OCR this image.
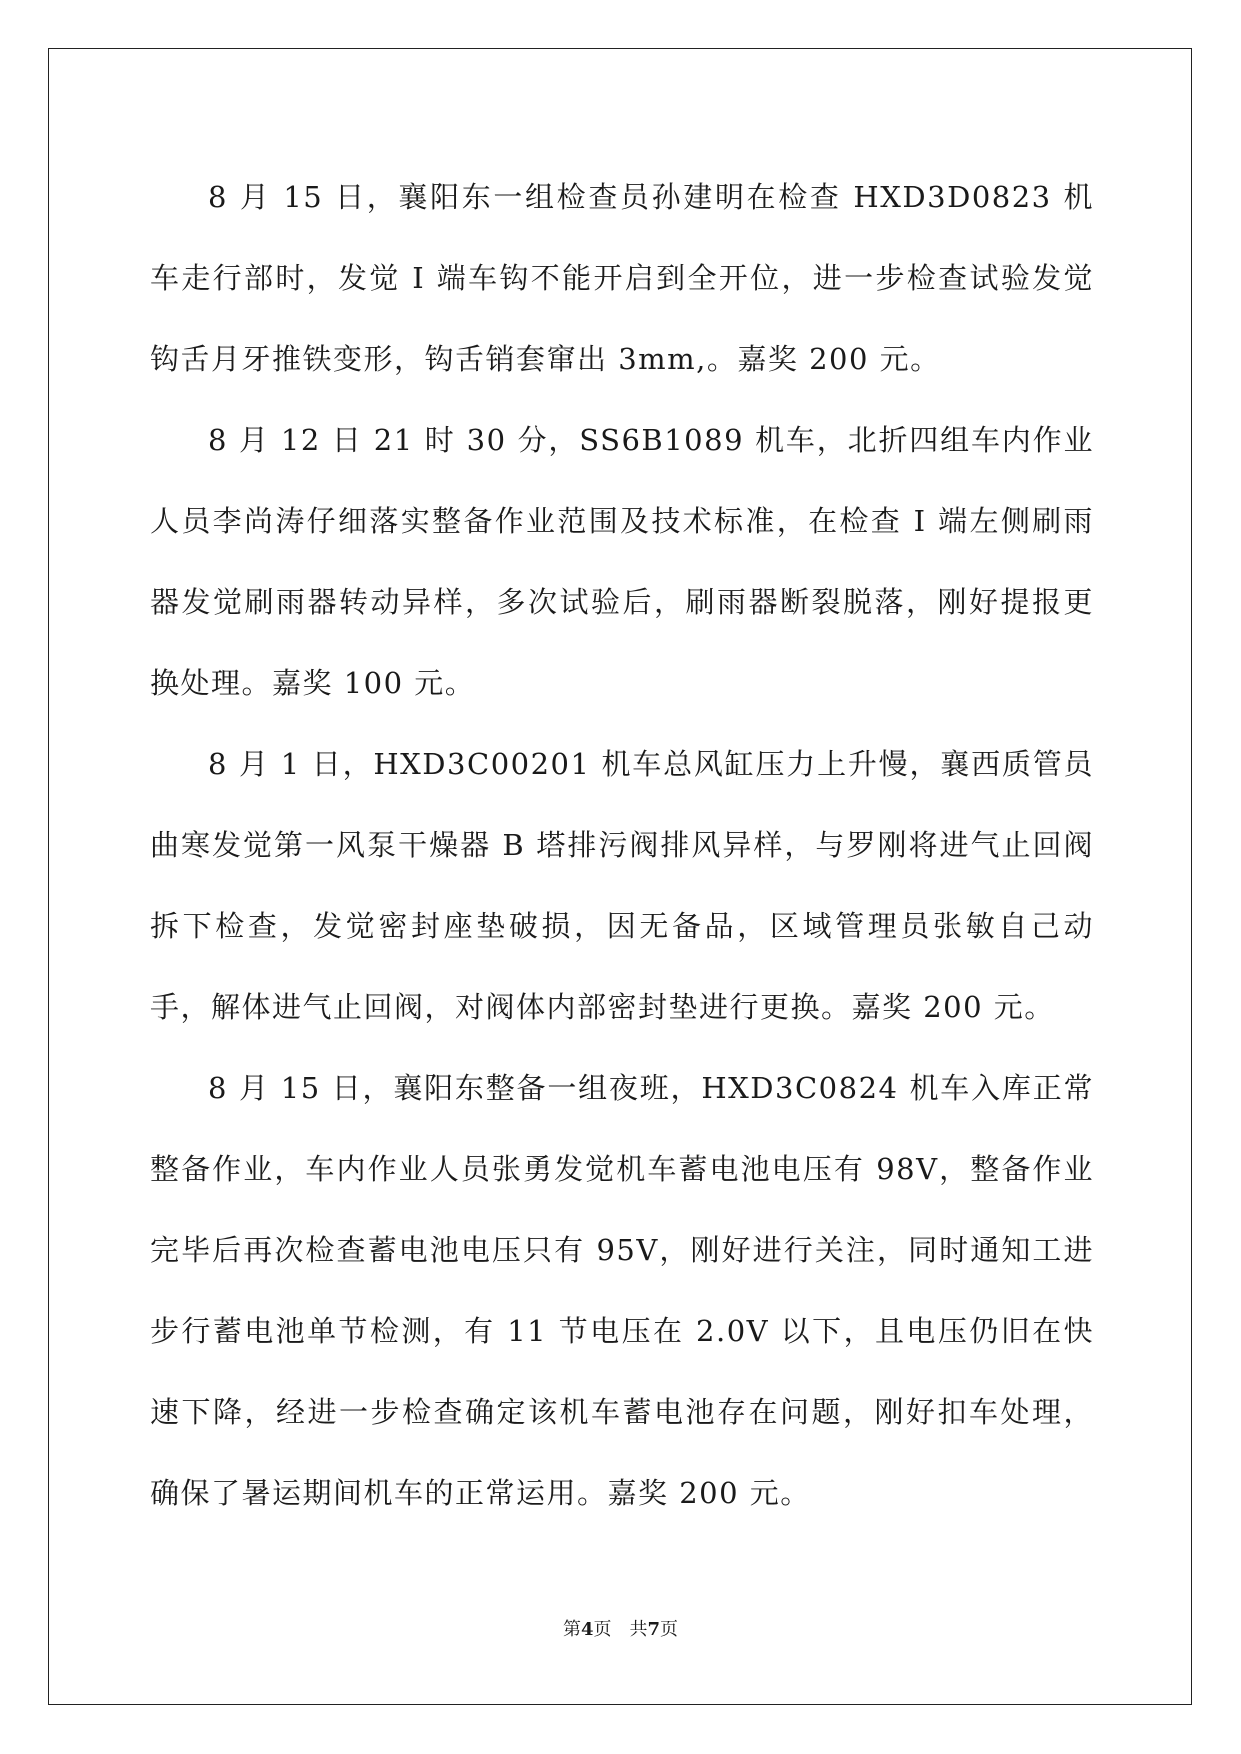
8 月 15 日，襄阳东一组检查员孙建明在检查 HXD3D0823 机车走行部时，发觉 I 端车钩不能开启到全开位，进一步检查试验发觉钩舌月牙推铁变形，钩舌销套窜出 3mm,。嘉奖 200 元。

8 月 12 日 21 时 30 分，SS6B1089 机车，北折四组车内作业人员李尚涛仔细落实整备作业范围及技术标准，在检查 I 端左侧刷雨器发觉刷雨器转动异样，多次试验后，刷雨器断裂脱落，刚好提报更换处理。嘉奖 100 元。

8 月 1 日，HXD3C00201 机车总风缸压力上升慢，襄西质管员曲寒发觉第一风泵干燥器 B 塔排污阀排风异样，与罗刚将进气止回阀拆下检查，发觉密封座垫破损，因无备品，区域管理员张敏自己动手，解体进气止回阀，对阀体内部密封垫进行更换。嘉奖 200 元。

8 月 15 日，襄阳东整备一组夜班，HXD3C0824 机车入库正常整备作业，车内作业人员张勇发觉机车蓄电池电压有 98V，整备作业完毕后再次检查蓄电池电压只有 95V，刚好进行关注，同时通知工进步行蓄电池单节检测，有 11 节电压在 2.0V 以下，且电压仍旧在快速下降，经进一步检查确定该机车蓄电池存在问题，刚好扣车处理，确保了暑运期间机车的正常运用。嘉奖 200 元。

第4页 共7页
